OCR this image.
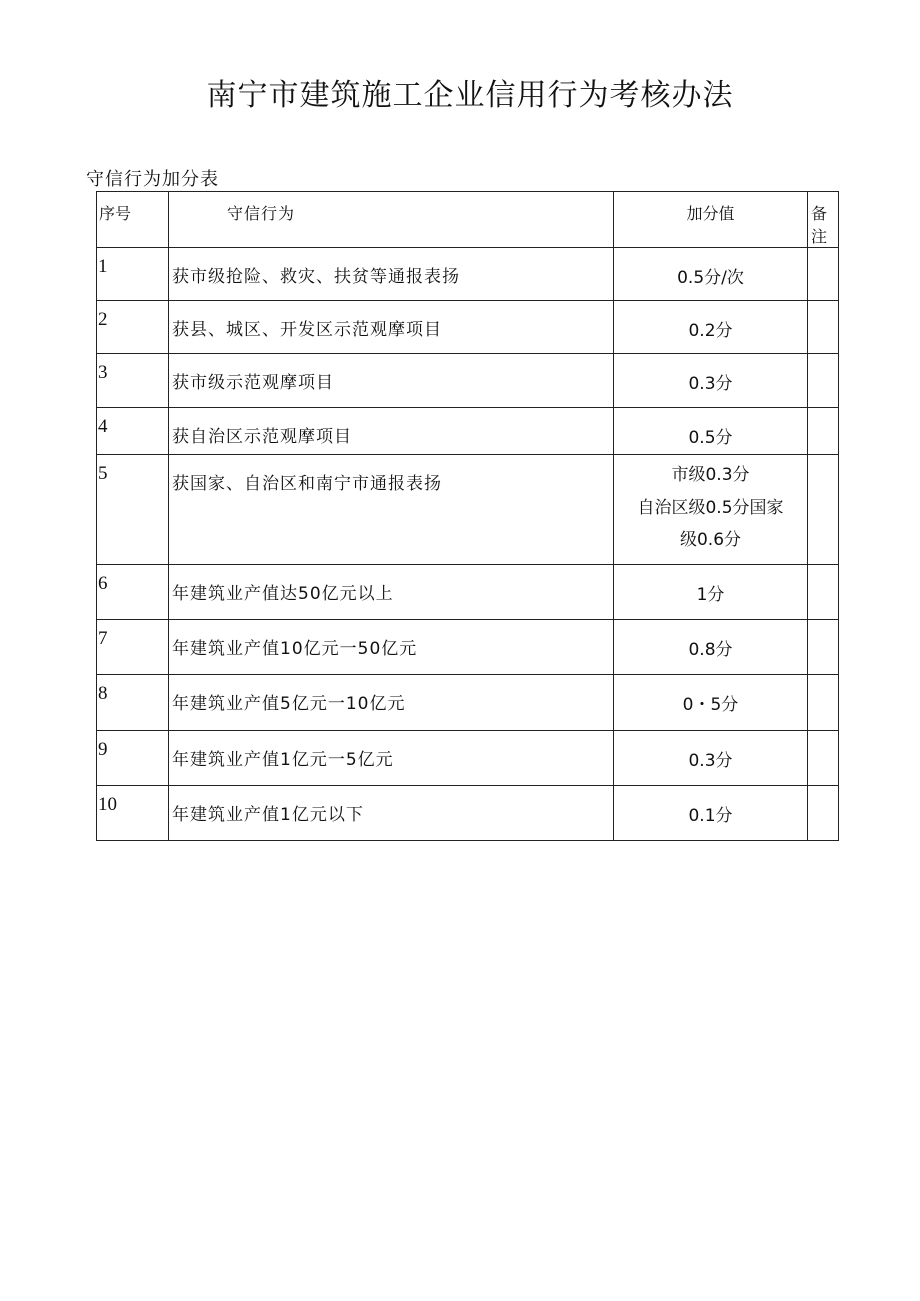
南宁市建筑施工企业信用行为考核办法
守信行为加分表
序号	守信行为	加分值	备注
1	获市级抢险、救灾、扶贫等通报表扬	0.5分/次	

2	获县、城区、开发区示范观摩项目	0.2分	

3	获市级示范观摩项目	0.3分	

4	获自治区示范观摩项目	0.5分	

5	获国家、自治区和南宁市通报表扬	市级0.3分
自治区级0.5分国家
级0.6分	

6	年建筑业产值达50亿元以上	1分	

7	年建筑业产值10亿元一50亿元	0.8分	

8	年建筑业产值5亿元一10亿元	0・5分	

9	年建筑业产值1亿元一5亿元	0.3分	

10	年建筑业产值1亿元以下	0.1分	
